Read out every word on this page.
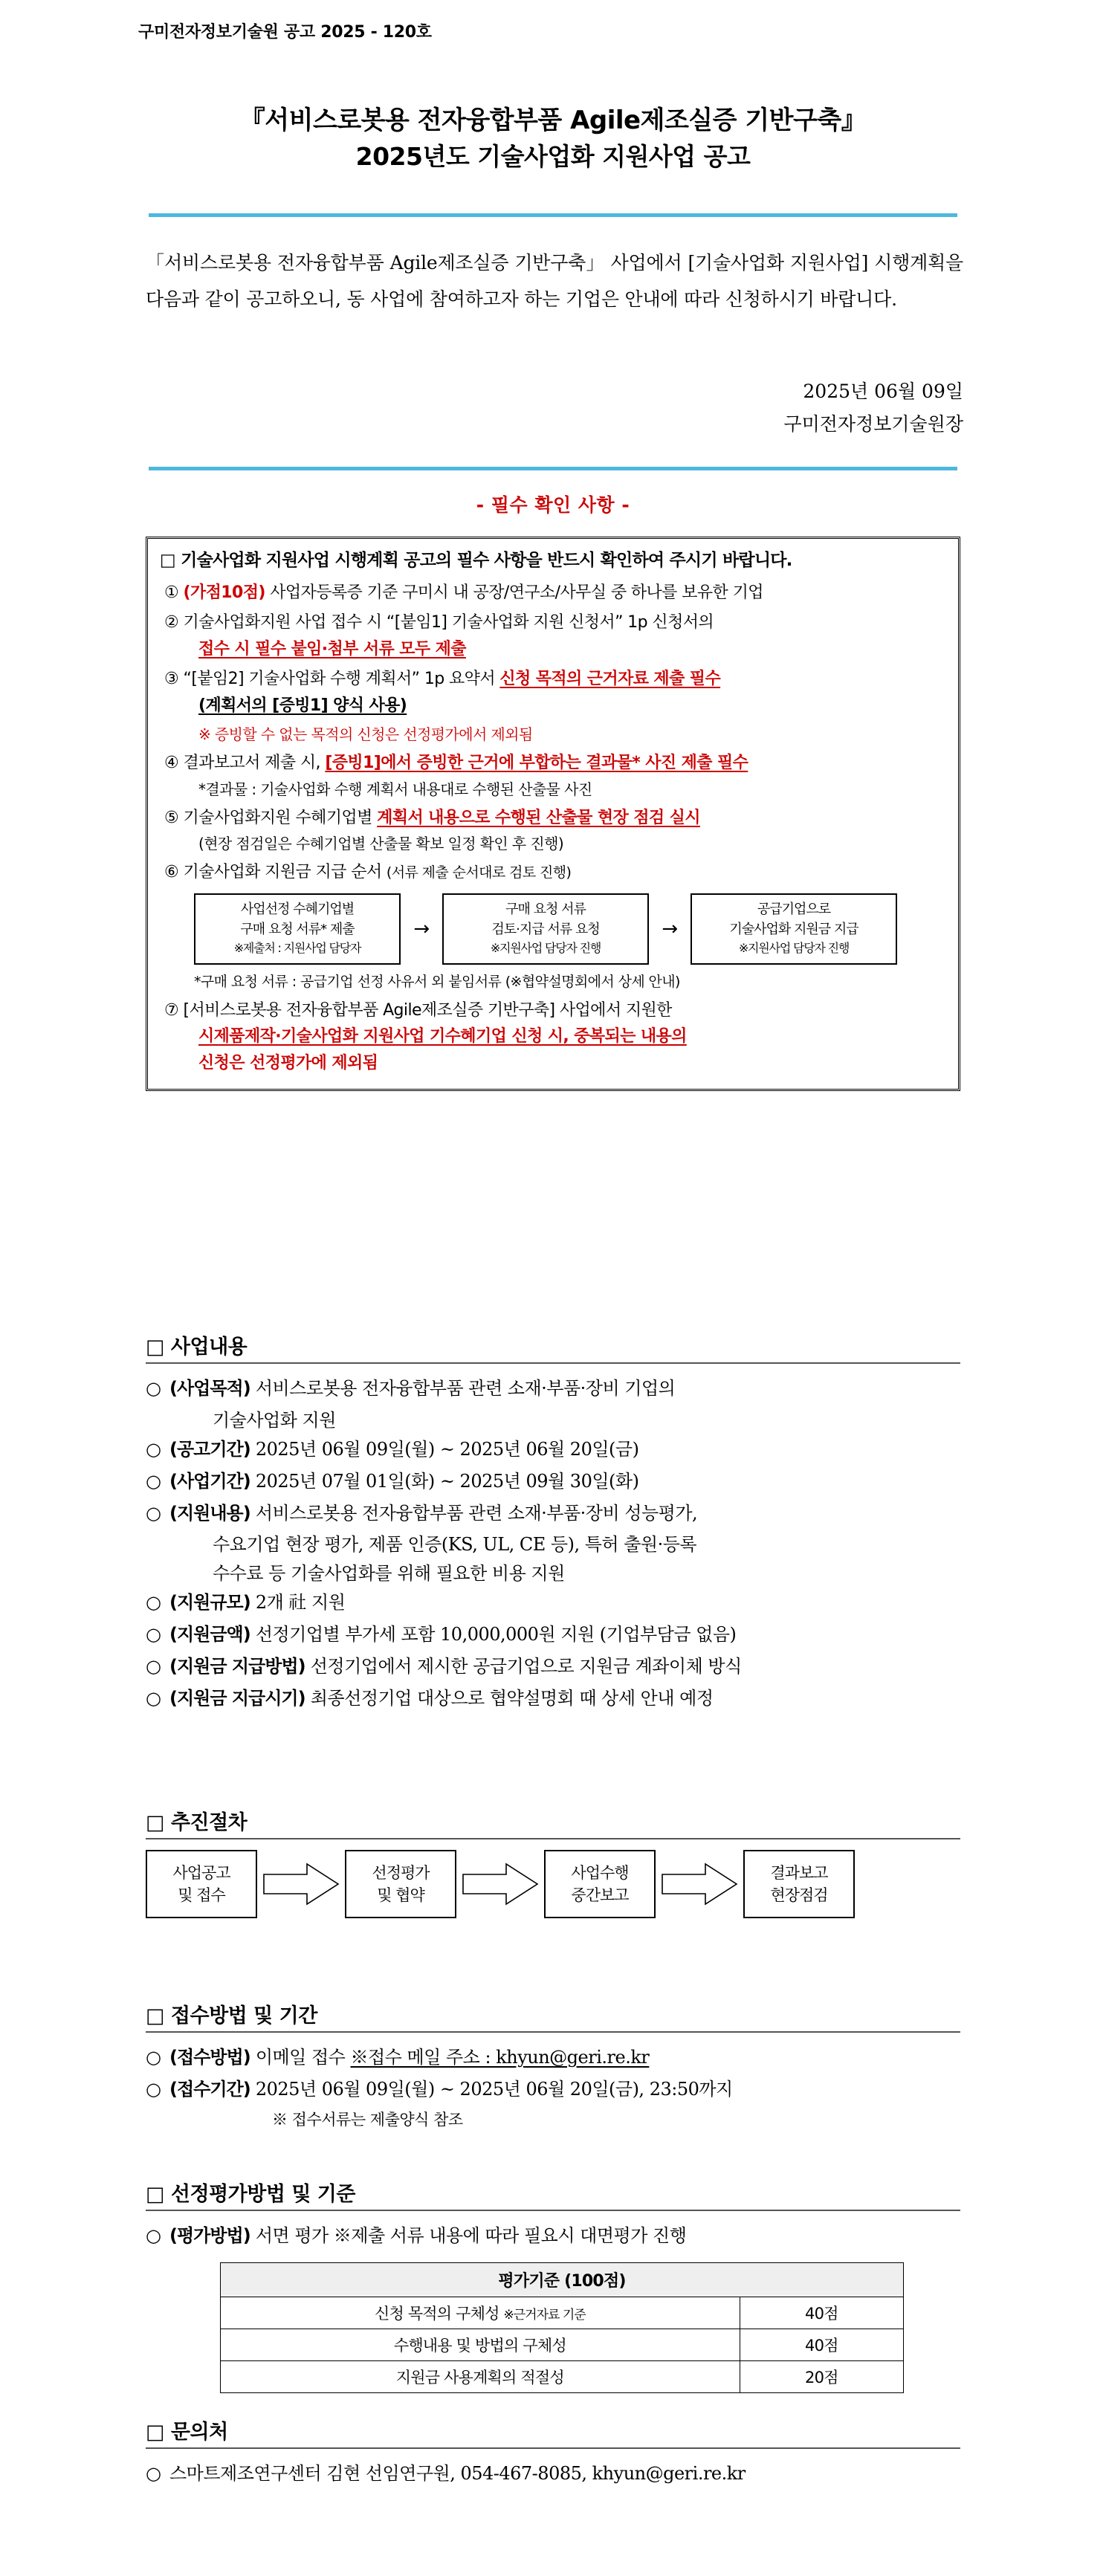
구미전자정보기술원 공고 2025 - 120호
『서비스로봇용 전자융합부품 Agile제조실증 기반구축』
2025년도 기술사업화 지원사업 공고
「서비스로봇용 전자융합부품 Agile제조실증 기반구축」 사업에서 [기술사업화 지원사업] 시행계획을 다음과 같이 공고하오니, 동 사업에 참여하고자 하는 기업은 안내에 따라 신청하시기 바랍니다.
2025년 06월 09일
구미전자정보기술원장
- 필수 확인 사항 -
□ 기술사업화 지원사업 시행계획 공고의 필수 사항을 반드시 확인하여 주시기 바랍니다.
① (가점10점) 사업자등록증 기준 구미시 내 공장/연구소/사무실 중 하나를 보유한 기업
② 기술사업화지원 사업 접수 시 “[붙임1] 기술사업화 지원 신청서” 1p 신청서의
접수 시 필수 붙임·첨부 서류 모두 제출
③ “[붙임2] 기술사업화 수행 계획서” 1p 요약서 신청 목적의 근거자료 제출 필수
(계획서의 [증빙1] 양식 사용)
※ 증빙할 수 없는 목적의 신청은 선정평가에서 제외됨
④ 결과보고서 제출 시, [증빙1]에서 증빙한 근거에 부합하는 결과물* 사진 제출 필수
*결과물 : 기술사업화 수행 계획서 내용대로 수행된 산출물 사진
⑤ 기술사업화지원 수혜기업별 계획서 내용으로 수행된 산출물 현장 점검 실시
(현장 점검일은 수혜기업별 산출물 확보 일정 확인 후 진행)
⑥ 기술사업화 지원금 지급 순서 (서류 제출 순서대로 검토 진행)
사업선정 수혜기업별
구매 요청 서류* 제출
※제출처 : 지원사업 담당자
→
구매 요청 서류
검토·지급 서류 요청
※지원사업 담당자 진행
→
공급기업으로
기술사업화 지원금 지급
※지원사업 담당자 진행
*구매 요청 서류 : 공급기업 선정 사유서 외 붙임서류 (※협약설명회에서 상세 안내)
⑦ [서비스로봇용 전자융합부품 Agile제조실증 기반구축] 사업에서 지원한
시제품제작·기술사업화 지원사업 기수혜기업 신청 시, 중복되는 내용의
신청은 선정평가에 제외됨
□ 사업내용
○ (사업목적) 서비스로봇용 전자융합부품 관련 소재·부품·장비 기업의
기술사업화 지원
○ (공고기간) 2025년 06월 09일(월) ~ 2025년 06월 20일(금)
○ (사업기간) 2025년 07월 01일(화) ~ 2025년 09월 30일(화)
○ (지원내용) 서비스로봇용 전자융합부품 관련 소재·부품·장비 성능평가,
수요기업 현장 평가, 제품 인증(KS, UL, CE 등), 특허 출원·등록
수수료 등 기술사업화를 위해 필요한 비용 지원
○ (지원규모) 2개 社 지원
○ (지원금액) 선정기업별 부가세 포함 10,000,000원 지원 (기업부담금 없음)
○ (지원금 지급방법) 선정기업에서 제시한 공급기업으로 지원금 계좌이체 방식
○ (지원금 지급시기) 최종선정기업 대상으로 협약설명회 때 상세 안내 예정
□ 추진절차
사업공고
및 접수
선정평가
및 협약
사업수행
중간보고
결과보고
현장점검
□ 접수방법 및 기간
○ (접수방법) 이메일 접수 ※접수 메일 주소 : khyun@geri.re.kr
○ (접수기간) 2025년 06월 09일(월) ~ 2025년 06월 20일(금), 23:50까지
※ 접수서류는 제출양식 참조
□ 선정평가방법 및 기준
○ (평가방법) 서면 평가 ※제출 서류 내용에 따라 필요시 대면평가 진행
평가기준 (100점)	
신청 목적의 구체성 ※근거자료 기준	40점
수행내용 및 방법의 구체성	40점
지원금 사용계획의 적절성	20점
□ 문의처
○ 스마트제조연구센터 김현 선임연구원, 054-467-8085, khyun@geri.re.kr
